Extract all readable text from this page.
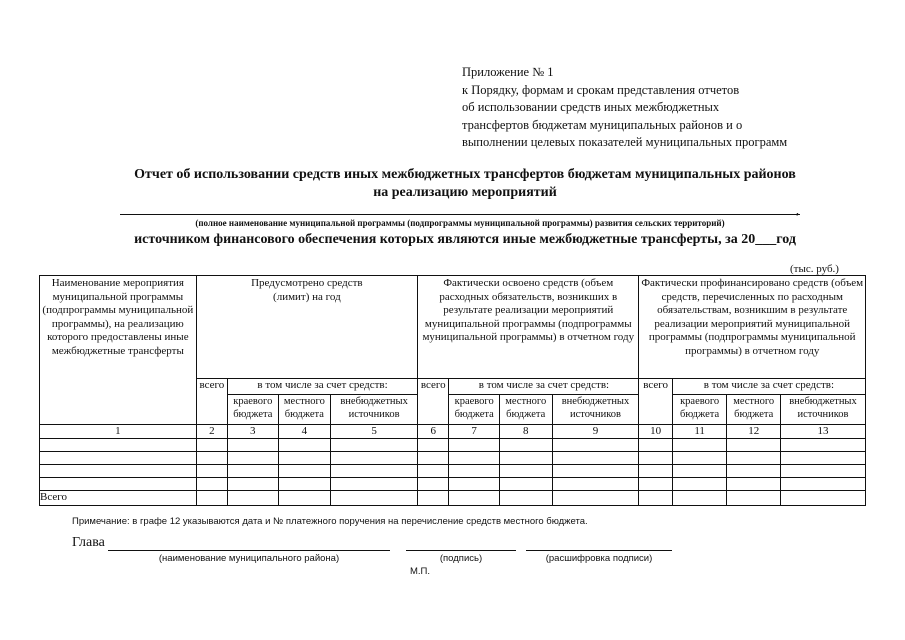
Приложение № 1
к Порядку, формам и срокам представления отчетов
об использовании средств иных межбюджетных
трансфертов бюджетам муниципальных районов и о
выполнении целевых показателей муниципальных программ
Отчет об использовании средств иных межбюджетных трансфертов бюджетам муниципальных районов
на реализацию мероприятий
,
(полное наименование муниципальной программы (подпрограммы муниципальной программы) развития сельских территорий)
источником финансового обеспечения которых являются иные межбюджетные трансферты, за 20___год
(тыс. руб.)
Наименование мероприятия муниципальной программы (подпрограммы муниципальной программы), на реализацию которого предоставлены иные межбюджетные трансферты	Предусмотрено средств (лимит) на год				Фактически освоено средств (объем расходных обязательств, возникших в результате реализации мероприятий муниципальной программы (подпрограммы муниципальной программы) в отчетном году				Фактически профинансировано средств (объем средств, перечисленных по расходным обязательствам, возникшим в результате реализации мероприятий муниципальной программы (подпрограммы муниципальной программы) в отчетном году			
	всего	в том числе за счет средств:			всего	в том числе за счет средств:			всего	в том числе за счет средств:		

		краевого бюджета	местного бюджета	внебюджетных источников		краевого бюджета	местного бюджета	внебюджетных источников		краевого бюджета	местного бюджета	внебюджетных источников

1	2	3	4	5	6	7	8	9	10	11	12	13

Всего												
Примечание: в графе 12 указываются дата и № платежного поручения на перечисление средств местного бюджета.
Глава
(наименование муниципального района)	(подпись)	(расшифровка подписи)
М.П.
